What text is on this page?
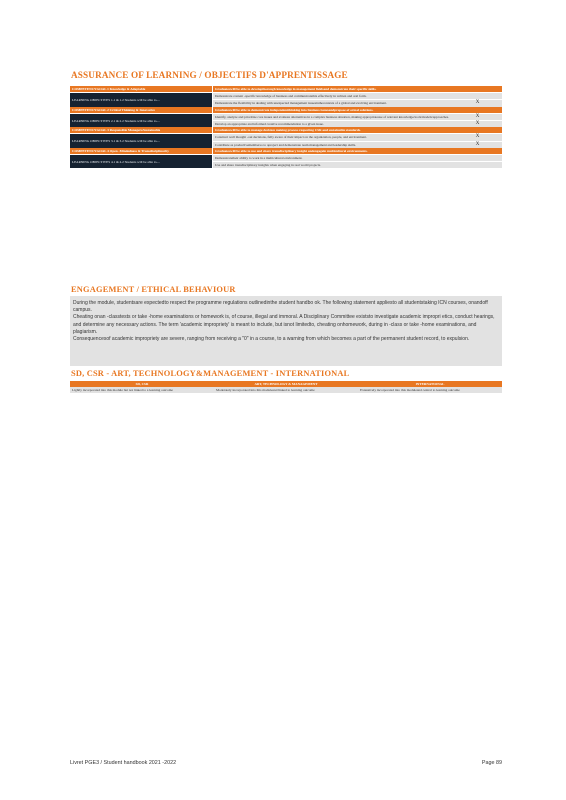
ASSURANCE OF LEARNING / OBJECTIFS D'APPRENTISSAGE
COMPETENCYGOAL 1 Knowledge & Adaptable	Graduateswill be able to developthorough knowledge in management fieldsand demonstrate their specific skills.
LEARNING OBJECTIVES 1.1 & 1.2 Students will be able to....
Demonstrate content -specific knowledge of business and communicatethis effectively in written and oral form.
Demonstrate the flexibility in dealing with unexpected management issuesinthecontexts of a global and evolving environment.	X
COMPETENCYGOAL 2 Critical Thinking & Innovative	Graduateswill be able to demonstrate independentthinking into business issuesandpropose of ormal solutions.
LEARNING OBJECTIVES 2.1 & 2.2 Students will be able to....
Identify, analyze and prioritize core issues and evaluate alternatives in a complex business situation, making appropriateuse of relevant knowledge/tools/models/approaches.	X
Develop an appropriate and informed creative recommendation to a given issue.	X
COMPETENCYGOAL 3 Responsible Managers/Sustainable	Graduateswill be able to manage decision making process respecting CSR and sustainable standards.
LEARNING OBJECTIVES 3.1 & 3.2 Students will be able to....
Construct well thought -out decisions, fully aware of their impact on the organization, people, and environment.	X
Contribute as productivememberso to aproject and demonstrate team management and leadership skills.	X
COMPETENCYGOAL 4 Open -Mindedness & Transdisciplinarity	Graduateswill be able to use and share transdisciplinary insight andengagein multicultural environments.
LEARNING OBJECTIVES 4.1 & 4.2 Students will be able to....
Demonstratetheir ability to work in a multicultural environment.
Use and share transdisciplinary insights when engaging in real world projects.
ENGAGEMENT / ETHICAL BEHAVIOUR

During the module, studentsare expectedto respect the programme regulations outlinedinthe student handbo ok. The following statement appliesto all studentstaking ICN courses, onandoff campus.

Cheating onan -classtests or take -home examinations or homework is, of course, illegal and immoral. A Disciplinary Committee existsto investigate academic impropri etics, conduct hearings, and determine any necessary actions. The term 'academic impropriety' is meant to include, but isnot limitedto, cheating onhomework, during in -class or take -home examinations, and plagiarism.

Consequencesof academic impropriety are severe, ranging from receiving a "0" in a course, to a warning from which becomes a part of the permanent student record, to expulsion.

SD, CSR - ART, TECHNOLOGY&MANAGEMENT - INTERNATIONAL
SD, CSR	ART, TECHNOLOGY & MANAGEMENT	INTERNATIONAL
Lightly incorporated into this module but not linked to a learning outcome	Moderately incorporated into this moduleand linked to learning outcome	Extensively incorporated into this moduleand central to learning outcome
Livret PGE3 / Student handbook 2021 -2022	Page 89
